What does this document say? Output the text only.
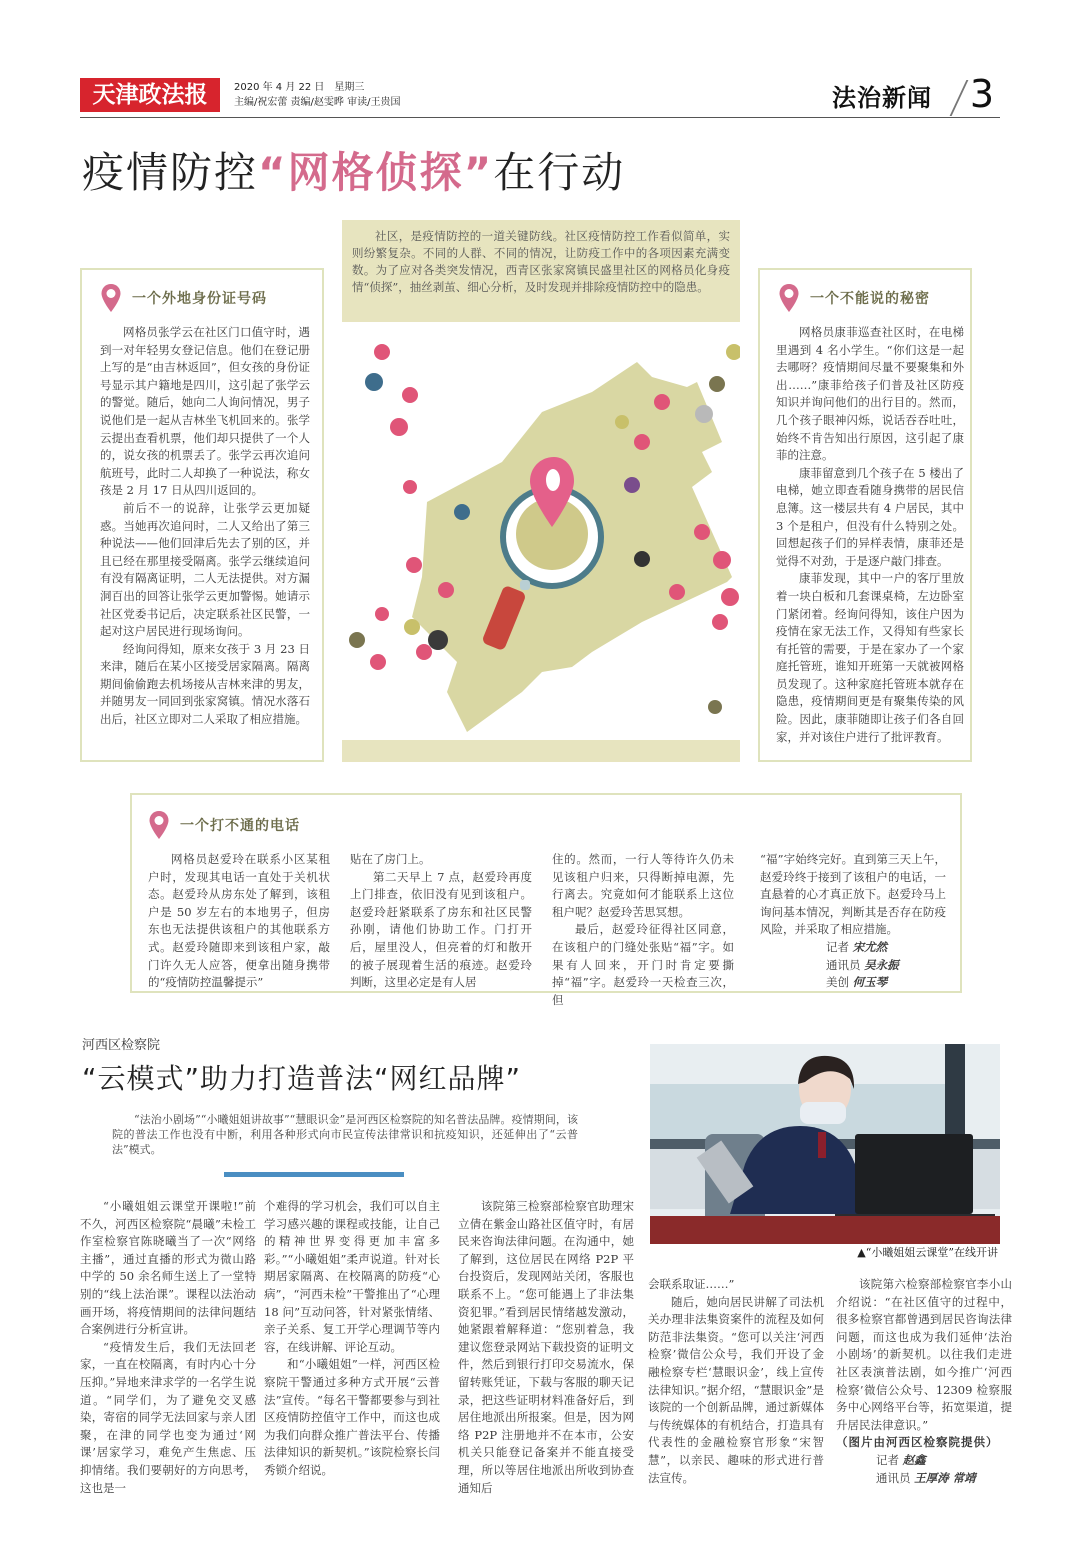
天津政法报	2020 年 4 月 22 日　星期三
主编/祝宏蕾 责编/赵雯晔 审读/王贵国	法治新闻 3
疫情防控“网格侦探”在行动
社区，是疫情防控的一道关键防线。社区疫情防控工作看似简单，实则纷繁复杂。不同的人群、不同的情况，让防疫工作中的各项因素充满变数。为了应对各类突发情况，西青区张家窝镇民盛里社区的网格员化身疫情“侦探”，抽丝剥茧、细心分析，及时发现并排除疫情防控中的隐患。
一个外地身份证号码

网格员张学云在社区门口值守时，遇到一对年轻男女登记信息。他们在登记册上写的是“由吉林返回”，但女孩的身份证号显示其户籍地是四川，这引起了张学云的警觉。随后，她向二人询问情况，男子说他们是一起从吉林坐飞机回来的。张学云提出查看机票，他们却只提供了一个人的，说女孩的机票丢了。张学云再次追问航班号，此时二人却换了一种说法，称女孩是 2 月 17 日从四川返回的。

前后不一的说辞，让张学云更加疑惑。当她再次追问时，二人又给出了第三种说法——他们回津后先去了别的区，并且已经在那里接受隔离。张学云继续追问有没有隔离证明，二人无法提供。对方漏洞百出的回答让张学云更加警惕。她请示社区党委书记后，决定联系社区民警，一起对这户居民进行现场询问。

经询问得知，原来女孩于 3 月 23 日来津，随后在某小区接受居家隔离。隔离期间偷偷跑去机场接从吉林来津的男友，并随男友一同回到张家窝镇。情况水落石出后，社区立即对二人采取了相应措施。

一个不能说的秘密

网格员康菲巡查社区时，在电梯里遇到 4 名小学生。“你们这是一起去哪呀？疫情期间尽量不要聚集和外出……”康菲给孩子们普及社区防疫知识并询问他们的出行目的。然而，几个孩子眼神闪烁，说话吞吞吐吐，始终不肯告知出行原因，这引起了康菲的注意。

康菲留意到几个孩子在 5 楼出了电梯，她立即查看随身携带的居民信息簿。这一楼层共有 4 户居民，其中 3 个是租户，但没有什么特别之处。回想起孩子们的异样表情，康菲还是觉得不对劲，于是逐户敲门排查。

康菲发现，其中一户的客厅里放着一块白板和几套课桌椅，左边卧室门紧闭着。经询问得知，该住户因为疫情在家无法工作，又得知有些家长有托管的需要，于是在家办了一个家庭托管班，谁知开班第一天就被网格员发现了。这种家庭托管班本就存在隐患，疫情期间更是有聚集传染的风险。因此，康菲随即让孩子们各自回家，并对该住户进行了批评教育。

一个打不通的电话

网格员赵爱玲在联系小区某租户时，发现其电话一直处于关机状态。赵爱玲从房东处了解到，该租户是 50 岁左右的本地男子，但房东也无法提供该租户的其他联系方式。赵爱玲随即来到该租户家，敲门许久无人应答，便拿出随身携带的“疫情防控温馨提示”

贴在了房门上。

第二天早上 7 点，赵爱玲再度上门排查，依旧没有见到该租户。赵爱玲赶紧联系了房东和社区民警孙刚，请他们协助工作。门打开后，屋里没人，但亮着的灯和散开的被子展现着生活的痕迹。赵爱玲判断，这里必定是有人居

住的。然而，一行人等待许久仍未见该租户归来，只得断掉电源，先行离去。究竟如何才能联系上这位租户呢？赵爱玲苦思冥想。

最后，赵爱玲征得社区同意，在该租户的门缝处张贴“福”字。如果有人回来，开门时肯定要撕掉“福”字。赵爱玲一天检查三次，但

“福”字始终完好。直到第三天上午，赵爱玲终于接到了该租户的电话，一直悬着的心才真正放下。赵爱玲马上询问基本情况，判断其是否存在防疫风险，并采取了相应措施。

记者 宋尤然
通讯员 吴永振
美创 何玉琴
河西区检察院
“云模式”助力打造普法“网红品牌”
“法治小剧场”“小曦姐姐讲故事”“慧眼识金”是河西区检察院的知名普法品牌。疫情期间，该院的普法工作也没有中断，利用各种形式向市民宣传法律常识和抗疫知识，还延伸出了“云普法”模式。
▲“小曦姐姐云课堂”在线开讲

“小曦姐姐云课堂开课啦!”前不久，河西区检察院“晨曦”未检工作室检察官陈晓曦当了一次“网络主播”，通过直播的形式为微山路中学的 50 余名师生送上了一堂特别的“线上法治课”。课程以法治动画开场，将疫情期间的法律问题结合案例进行分析宣讲。

“疫情发生后，我们无法回老家，一直在校隔离，有时内心十分压抑。”异地来津求学的一名学生说道。“同学们，为了避免交叉感染，寄宿的同学无法回家与亲人团聚，在津的同学也变为通过‘网课’居家学习，难免产生焦虑、压抑情绪。我们要朝好的方向思考，这也是一

个难得的学习机会，我们可以自主学习感兴趣的课程或技能，让自己的精神世界变得更加丰富多彩。”“小曦姐姐”柔声说道。针对长期居家隔离、在校隔离的防疫“心病”，“河西未检”干警推出了“心理 18 问”互动问答，针对紧张情绪、亲子关系、复工开学心理调节等内容，在线讲解、评论互动。

和“小曦姐姐”一样，河西区检察院干警通过多种方式开展“云普法”宣传。“每名干警都要参与到社区疫情防控值守工作中，而这也成为我们向群众推广普法平台、传播法律知识的新契机。”该院检察长闫秀锁介绍说。

该院第三检察部检察官助理宋立倩在紫金山路社区值守时，有居民来咨询法律问题。在沟通中，她了解到，这位居民在网络 P2P 平台投资后，发现网站关闭，客服也联系不上。“您可能遇上了非法集资犯罪。”看到居民情绪越发激动，她紧跟着解释道：“您别着急，我建议您登录网站下载投资的证明文件，然后到银行打印交易流水，保留转账凭证，下载与客服的聊天记录，把这些证明材料准备好后，到居住地派出所报案。但是，因为网络 P2P 注册地并不在本市，公安机关只能登记备案并不能直接受理，所以等居住地派出所收到协查通知后

会联系取证……”

随后，她向居民讲解了司法机关办理非法集资案件的流程及如何防范非法集资。“您可以关注‘河西检察’微信公众号，我们开设了金融检察专栏‘慧眼识金’，线上宣传法律知识。”据介绍，“慧眼识金”是该院的一个创新品牌，通过新媒体与传统媒体的有机结合，打造具有代表性的金融检察官形象“宋智慧”，以亲民、趣味的形式进行普法宣传。

该院第六检察部检察官李小山介绍说：“在社区值守的过程中，很多检察官都曾遇到居民咨询法律问题，而这也成为我们延伸‘法治小剧场’的新契机。以往我们走进社区表演普法剧，如今推广‘河西检察’微信公众号、12309 检察服务中心网络平台等，拓宽渠道，提升居民法律意识。”

（图片由河西区检察院提供）
记者 赵鑫
通讯员 王厚涛 常靖
